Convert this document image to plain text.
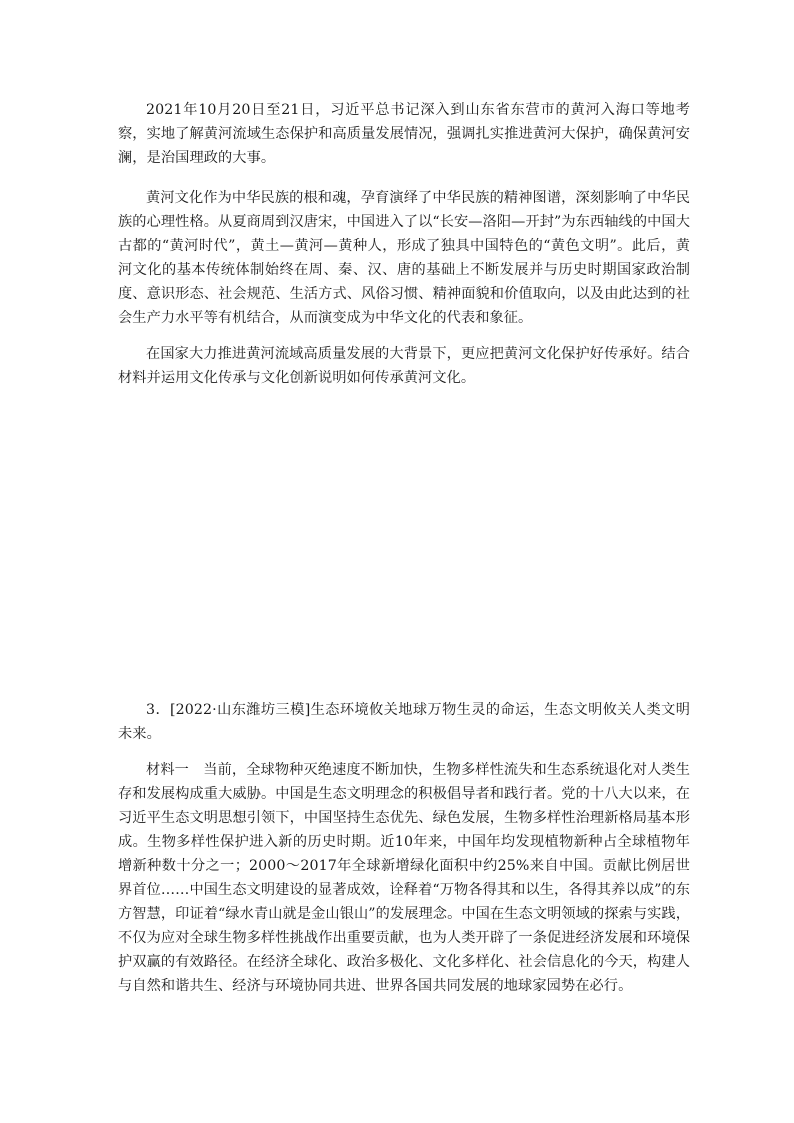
2021年10月20日至21日，习近平总书记深入到山东省东营市的黄河入海口等地考察，实地了解黄河流域生态保护和高质量发展情况，强调扎实推进黄河大保护，确保黄河安澜，是治国理政的大事。

黄河文化作为中华民族的根和魂，孕育演绎了中华民族的精神图谱，深刻影响了中华民族的心理性格。从夏商周到汉唐宋，中国进入了以“长安—洛阳—开封”为东西轴线的中国大古都的“黄河时代”，黄土—黄河—黄种人，形成了独具中国特色的“黄色文明”。此后，黄河文化的基本传统体制始终在周、秦、汉、唐的基础上不断发展并与历史时期国家政治制度、意识形态、社会规范、生活方式、风俗习惯、精神面貌和价值取向，以及由此达到的社会生产力水平等有机结合，从而演变成为中华文化的代表和象征。

在国家大力推进黄河流域高质量发展的大背景下，更应把黄河文化保护好传承好。结合材料并运用文化传承与文化创新说明如何传承黄河文化。

3．[2022·山东潍坊三模]生态环境攸关地球万物生灵的命运，生态文明攸关人类文明未来。

材料一　当前，全球物种灭绝速度不断加快，生物多样性流失和生态系统退化对人类生存和发展构成重大威胁。中国是生态文明理念的积极倡导者和践行者。党的十八大以来，在习近平生态文明思想引领下，中国坚持生态优先、绿色发展，生物多样性治理新格局基本形成。生物多样性保护进入新的历史时期。近10年来，中国年均发现植物新种占全球植物年增新种数十分之一；2000～2017年全球新增绿化面积中约25%来自中国。贡献比例居世界首位……中国生态文明建设的显著成效，诠释着“万物各得其和以生，各得其养以成”的东方智慧，印证着“绿水青山就是金山银山”的发展理念。中国在生态文明领域的探索与实践，不仅为应对全球生物多样性挑战作出重要贡献，也为人类开辟了一条促进经济发展和环境保护双赢的有效路径。在经济全球化、政治多极化、文化多样化、社会信息化的今天，构建人与自然和谐共生、经济与环境协同共进、世界各国共同发展的地球家园势在必行。
